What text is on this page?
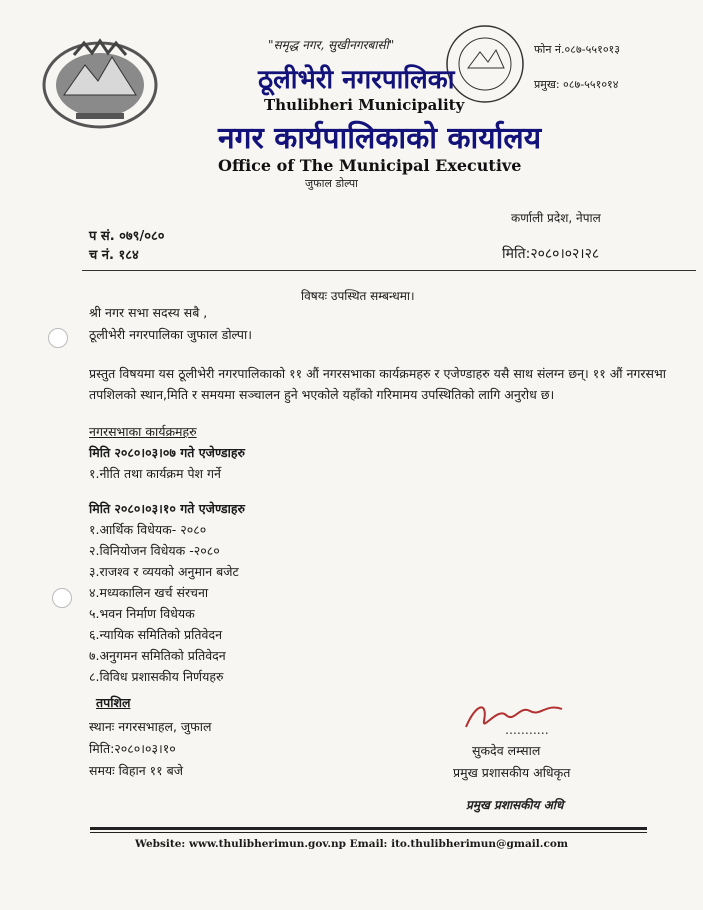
"समृद्ध नगर, सुखीनगरबासी"
ठूलीभेरी नगरपालिका
Thulibheri Municipality
नगर कार्यपालिकाको कार्यालय
Office of The Municipal Executive
जुफाल डोल्पा
फोन नं.०८७-५५१०१३
प्रमुख: ०८७-५५१०१४
कर्णाली प्रदेश, नेपाल
प सं. ०७९/०८०
च नं. १८४	मिति:२०८०।०२।२८
विषयः उपस्थित सम्बन्धमा।
श्री नगर सभा सदस्य सबै ,
ठूलीभेरी नगरपालिका जुफाल डोल्पा।
प्रस्तुत विषयमा यस ठूलीभेरी नगरपालिकाको ११ औं नगरसभाका कार्यक्रमहरु र एजेण्डाहरु यसै साथ संलग्न छन्। ११ औं नगरसभा तपशिलको स्थान,मिति र समयमा सञ्चालन हुने भएकोले यहाँको गरिमामय उपस्थितिको लागि अनुरोध छ।
नगरसभाका कार्यक्रमहरु
मिति २०८०।०३।०७ गते एजेण्डाहरु
१.नीति तथा कार्यक्रम पेश गर्ने
मिति २०८०।०३।१० गते एजेण्डाहरु
१.आर्थिक विधेयक- २०८०
२.विनियोजन विधेयक -२०८०
३.राजश्व र व्ययको अनुमान बजेट
४.मध्यकालिन खर्च संरचना
५.भवन निर्माण विधेयक
६.न्यायिक समितिको प्रतिवेदन
७.अनुगमन समितिको प्रतिवेदन
८.विविध प्रशासकीय निर्णयहरु
तपशिल
स्थानः नगरसभाहल, जुफाल
मिति:२०८०।०३।१०
समयः विहान ११ बजे
...........
सुकदेव लम्साल
प्रमुख प्रशासकीय अधिकृत
प्रमुख प्रशासकीय अधि
Website: www.thulibherimun.gov.np Email: ito.thulibherimun@gmail.com
